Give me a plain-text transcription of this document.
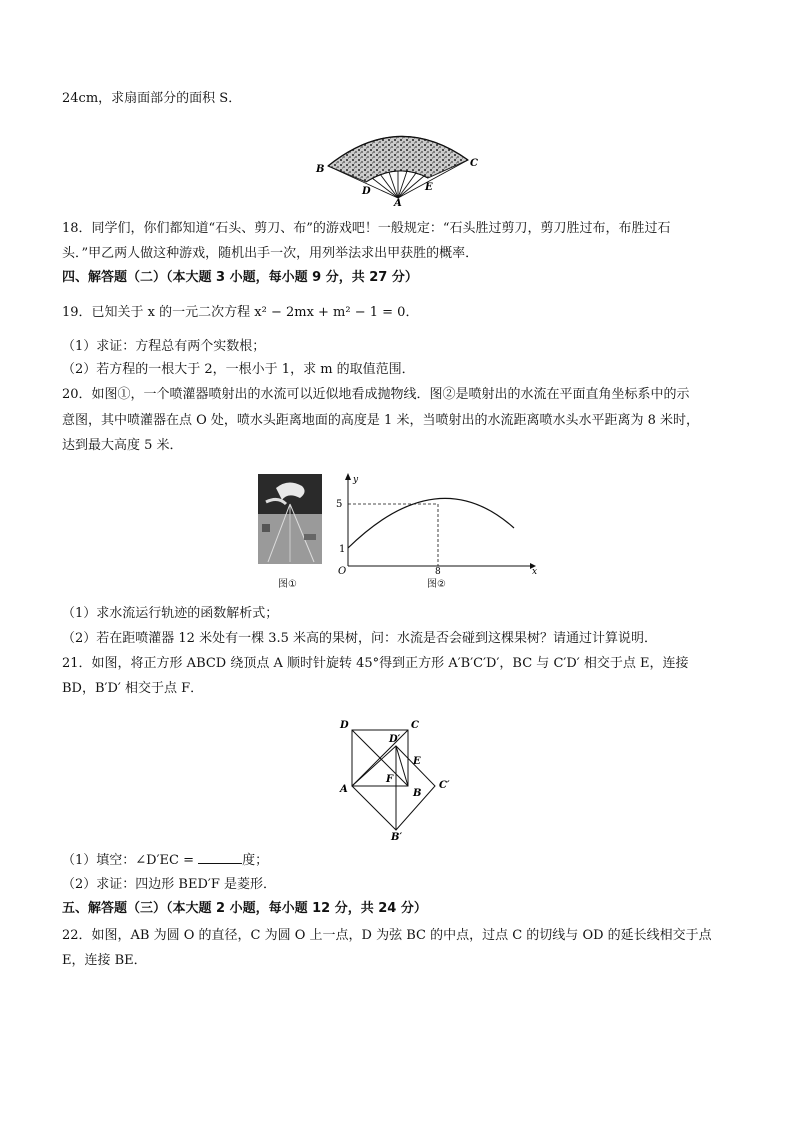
24cm，求扇面部分的面积 S．
B
C
D	E
A
18．同学们，你们都知道“石头、剪刀、布”的游戏吧！一般规定：“石头胜过剪刀，剪刀胜过布，布胜过石
头．”甲乙两人做这种游戏，随机出手一次，用列举法求出甲获胜的概率．
四、解答题（二）（本大题 3 小题，每小题 9 分，共 27 分）
19．已知关于 x 的一元二次方程 x² − 2mx + m² − 1 = 0．
（1）求证：方程总有两个实数根；
（2）若方程的一根大于 2，一根小于 1，求 m 的取值范围．
20．如图①，一个喷灌器喷射出的水流可以近似地看成抛物线．图②是喷射出的水流在平面直角坐标系中的示
意图，其中喷灌器在点 O 处，喷水头距离地面的高度是 1 米，当喷射出的水流距离喷水头水平距离为 8 米时，
达到最大高度 5 米．
图①
5
1
8
O
y
x
图②
（1）求水流运行轨迹的函数解析式；
（2）若在距喷灌器 12 米处有一棵 3.5 米高的果树，问：水流是否会碰到这棵果树？请通过计算说明．
21．如图，将正方形 ABCD 绕顶点 A 顺时针旋转 45°得到正方形 A′B′C′D′，BC 与 C′D′ 相交于点 E，连接
BD，B′D′ 相交于点 F．
D	C
D′
E
F
A	B
C′
B′
（1）填空：∠D′EC =	度；
（2）求证：四边形 BED′F 是菱形．
五、解答题（三）（本大题 2 小题，每小题 12 分，共 24 分）
22．如图，AB 为圆 O 的直径，C 为圆 O 上一点，D 为弦 BC 的中点，过点 C 的切线与 OD 的延长线相交于点
E，连接 BE．
